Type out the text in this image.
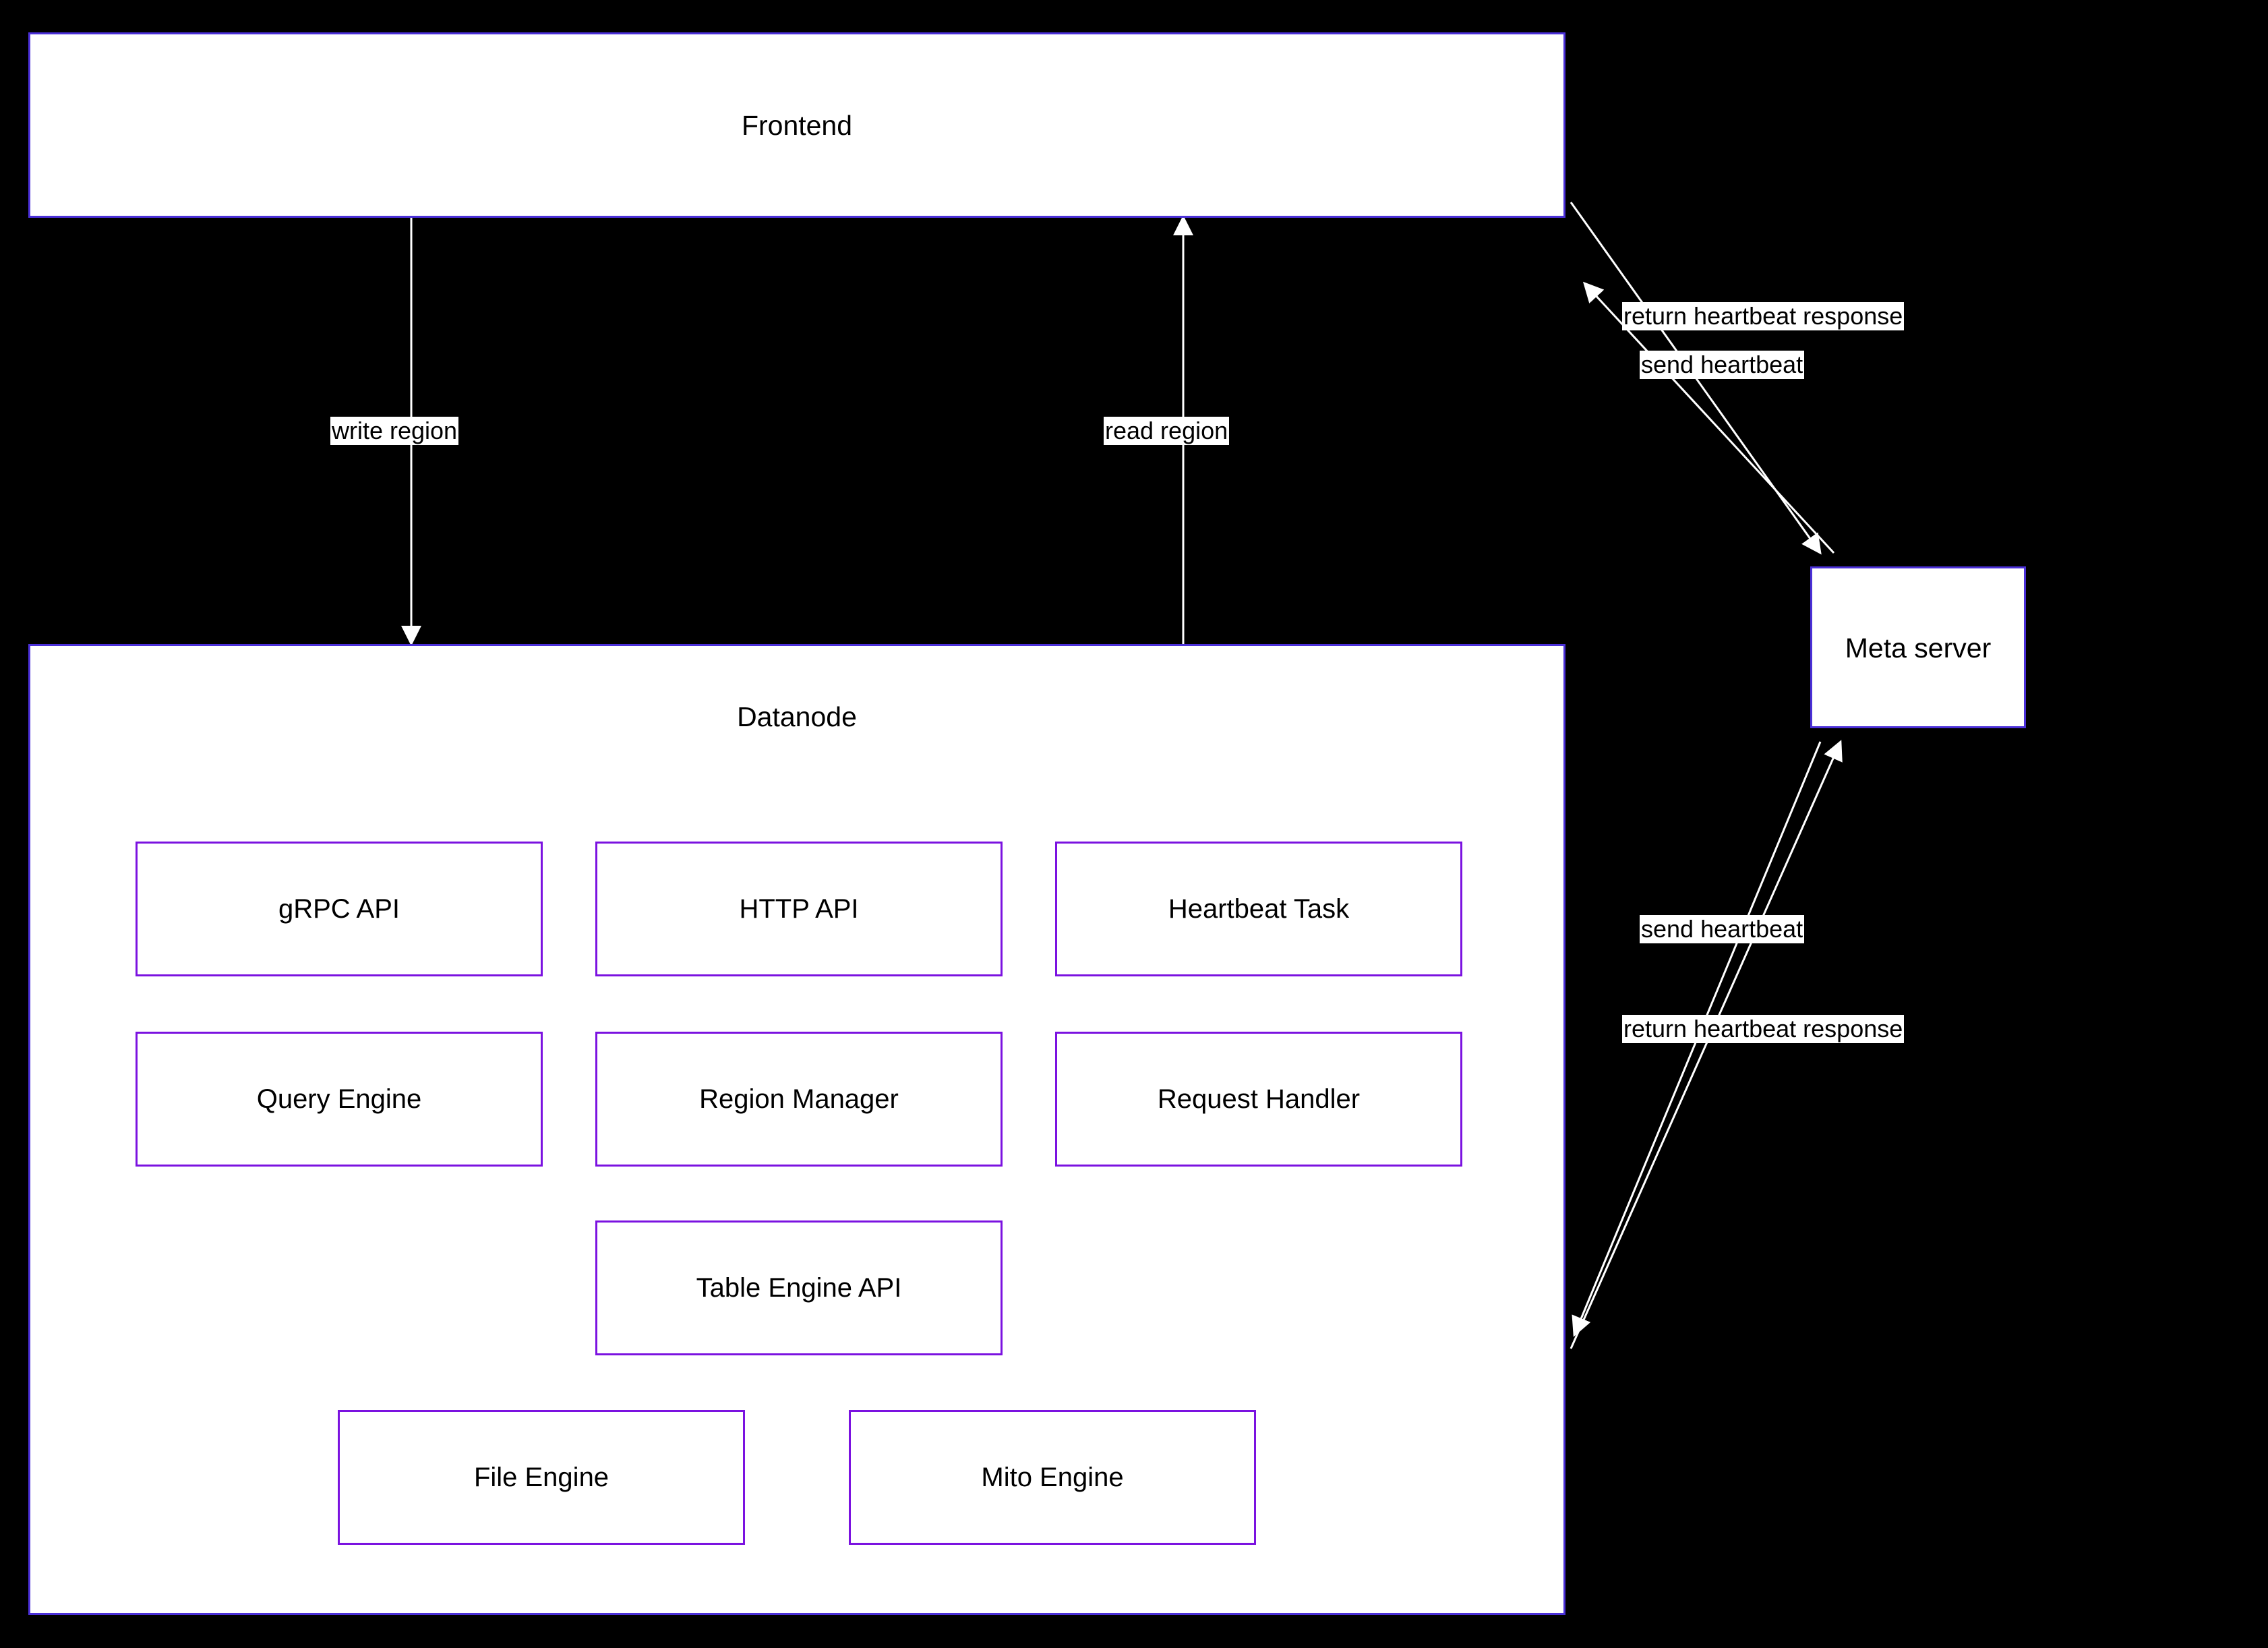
Frontend
Meta server
Datanode
gRPC API	HTTP API	Heartbeat Task
Query Engine	Region Manager	Request Handler
Table Engine API
File Engine	Mito Engine
write region	read region
return heartbeat response
send heartbeat
send heartbeat
return heartbeat response
